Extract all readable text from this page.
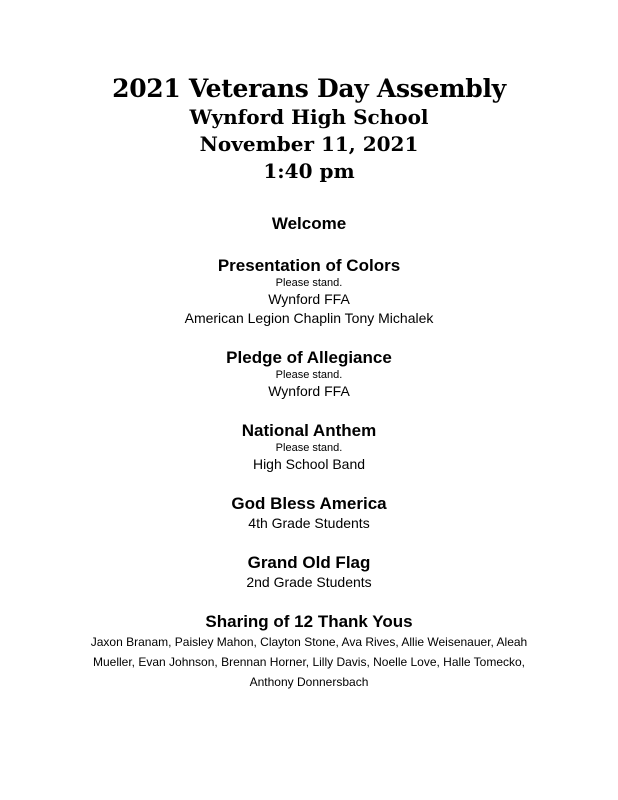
2021 Veterans Day Assembly
Wynford High School
November 11, 2021
1:40 pm
Welcome
Presentation of Colors
Please stand.
Wynford FFA
American Legion Chaplin Tony Michalek
Pledge of Allegiance
Please stand.
Wynford FFA
National Anthem
Please stand.
High School Band
God Bless America
4th Grade Students
Grand Old Flag
2nd Grade Students
Sharing of 12 Thank Yous
Jaxon Branam, Paisley Mahon, Clayton Stone, Ava Rives, Allie Weisenauer, Aleah Mueller, Evan Johnson, Brennan Horner, Lilly Davis, Noelle Love, Halle Tomecko, Anthony Donnersbach
